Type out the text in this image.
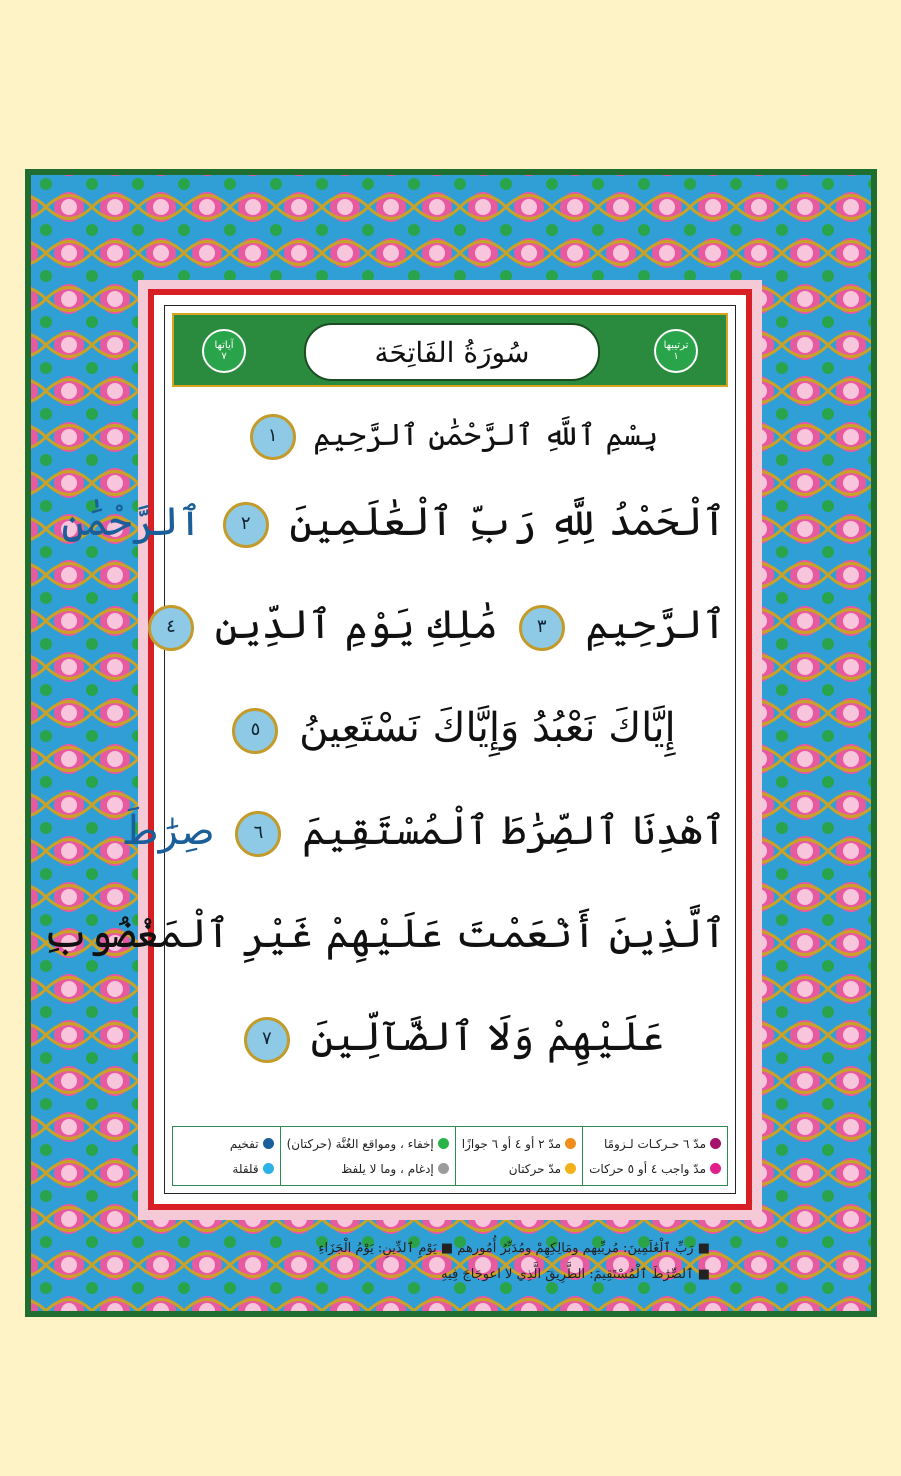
ترتيبها
١
سُورَةُ الفَاتِحَة
آياتها
٧
بِسْمِ ٱللَّهِ ٱلرَّحْمَٰنِ ٱلرَّحِيمِ ١
ٱلْحَمْدُ لِلَّهِ رَبِّ ٱلْعَٰلَمِينَ ٢ ٱلرَّحْمَٰنِ
ٱلرَّحِيمِ ٣ مَٰلِكِ يَوْمِ ٱلدِّينِ ٤
إِيَّاكَ نَعْبُدُ وَإِيَّاكَ نَسْتَعِينُ ٥
ٱهْدِنَا ٱلصِّرَٰطَ ٱلْمُسْتَقِيمَ ٦ صِرَٰطَ
ٱلَّذِينَ أَنْعَمْتَ عَلَيْهِمْ غَيْرِ ٱلْمَغْضُوبِ
عَلَيْهِمْ وَلَا ٱلضَّآلِّينَ ٧
مدّ ٦ حـركـات لـزومًا
مدّ واجب ٤ أو ٥ حركات
مدّ ٢ أو ٤ أو ٦ جوازًا
مدّ حركتان
إخفاء ، ومواقع الغُنَّة (حركتان)
إدغام ، وما لا يلفظ
تفخيم
قلقلة
■ رَبِّ ٱلْعَٰلَمِينَ: مُربِّيهم ومَالِكِهِمْ ومُدَبِّرُ أُمُورهم ■ يَوْمِ ٱلدِّينِ: يَوْمُ الْجَزَاءِ
■ ٱلصِّرَٰطَ ٱلْمُسْتَقِيمَ: الطَّرِيقَ الَّذِي لا اعوجَاجَ فِيهِ
